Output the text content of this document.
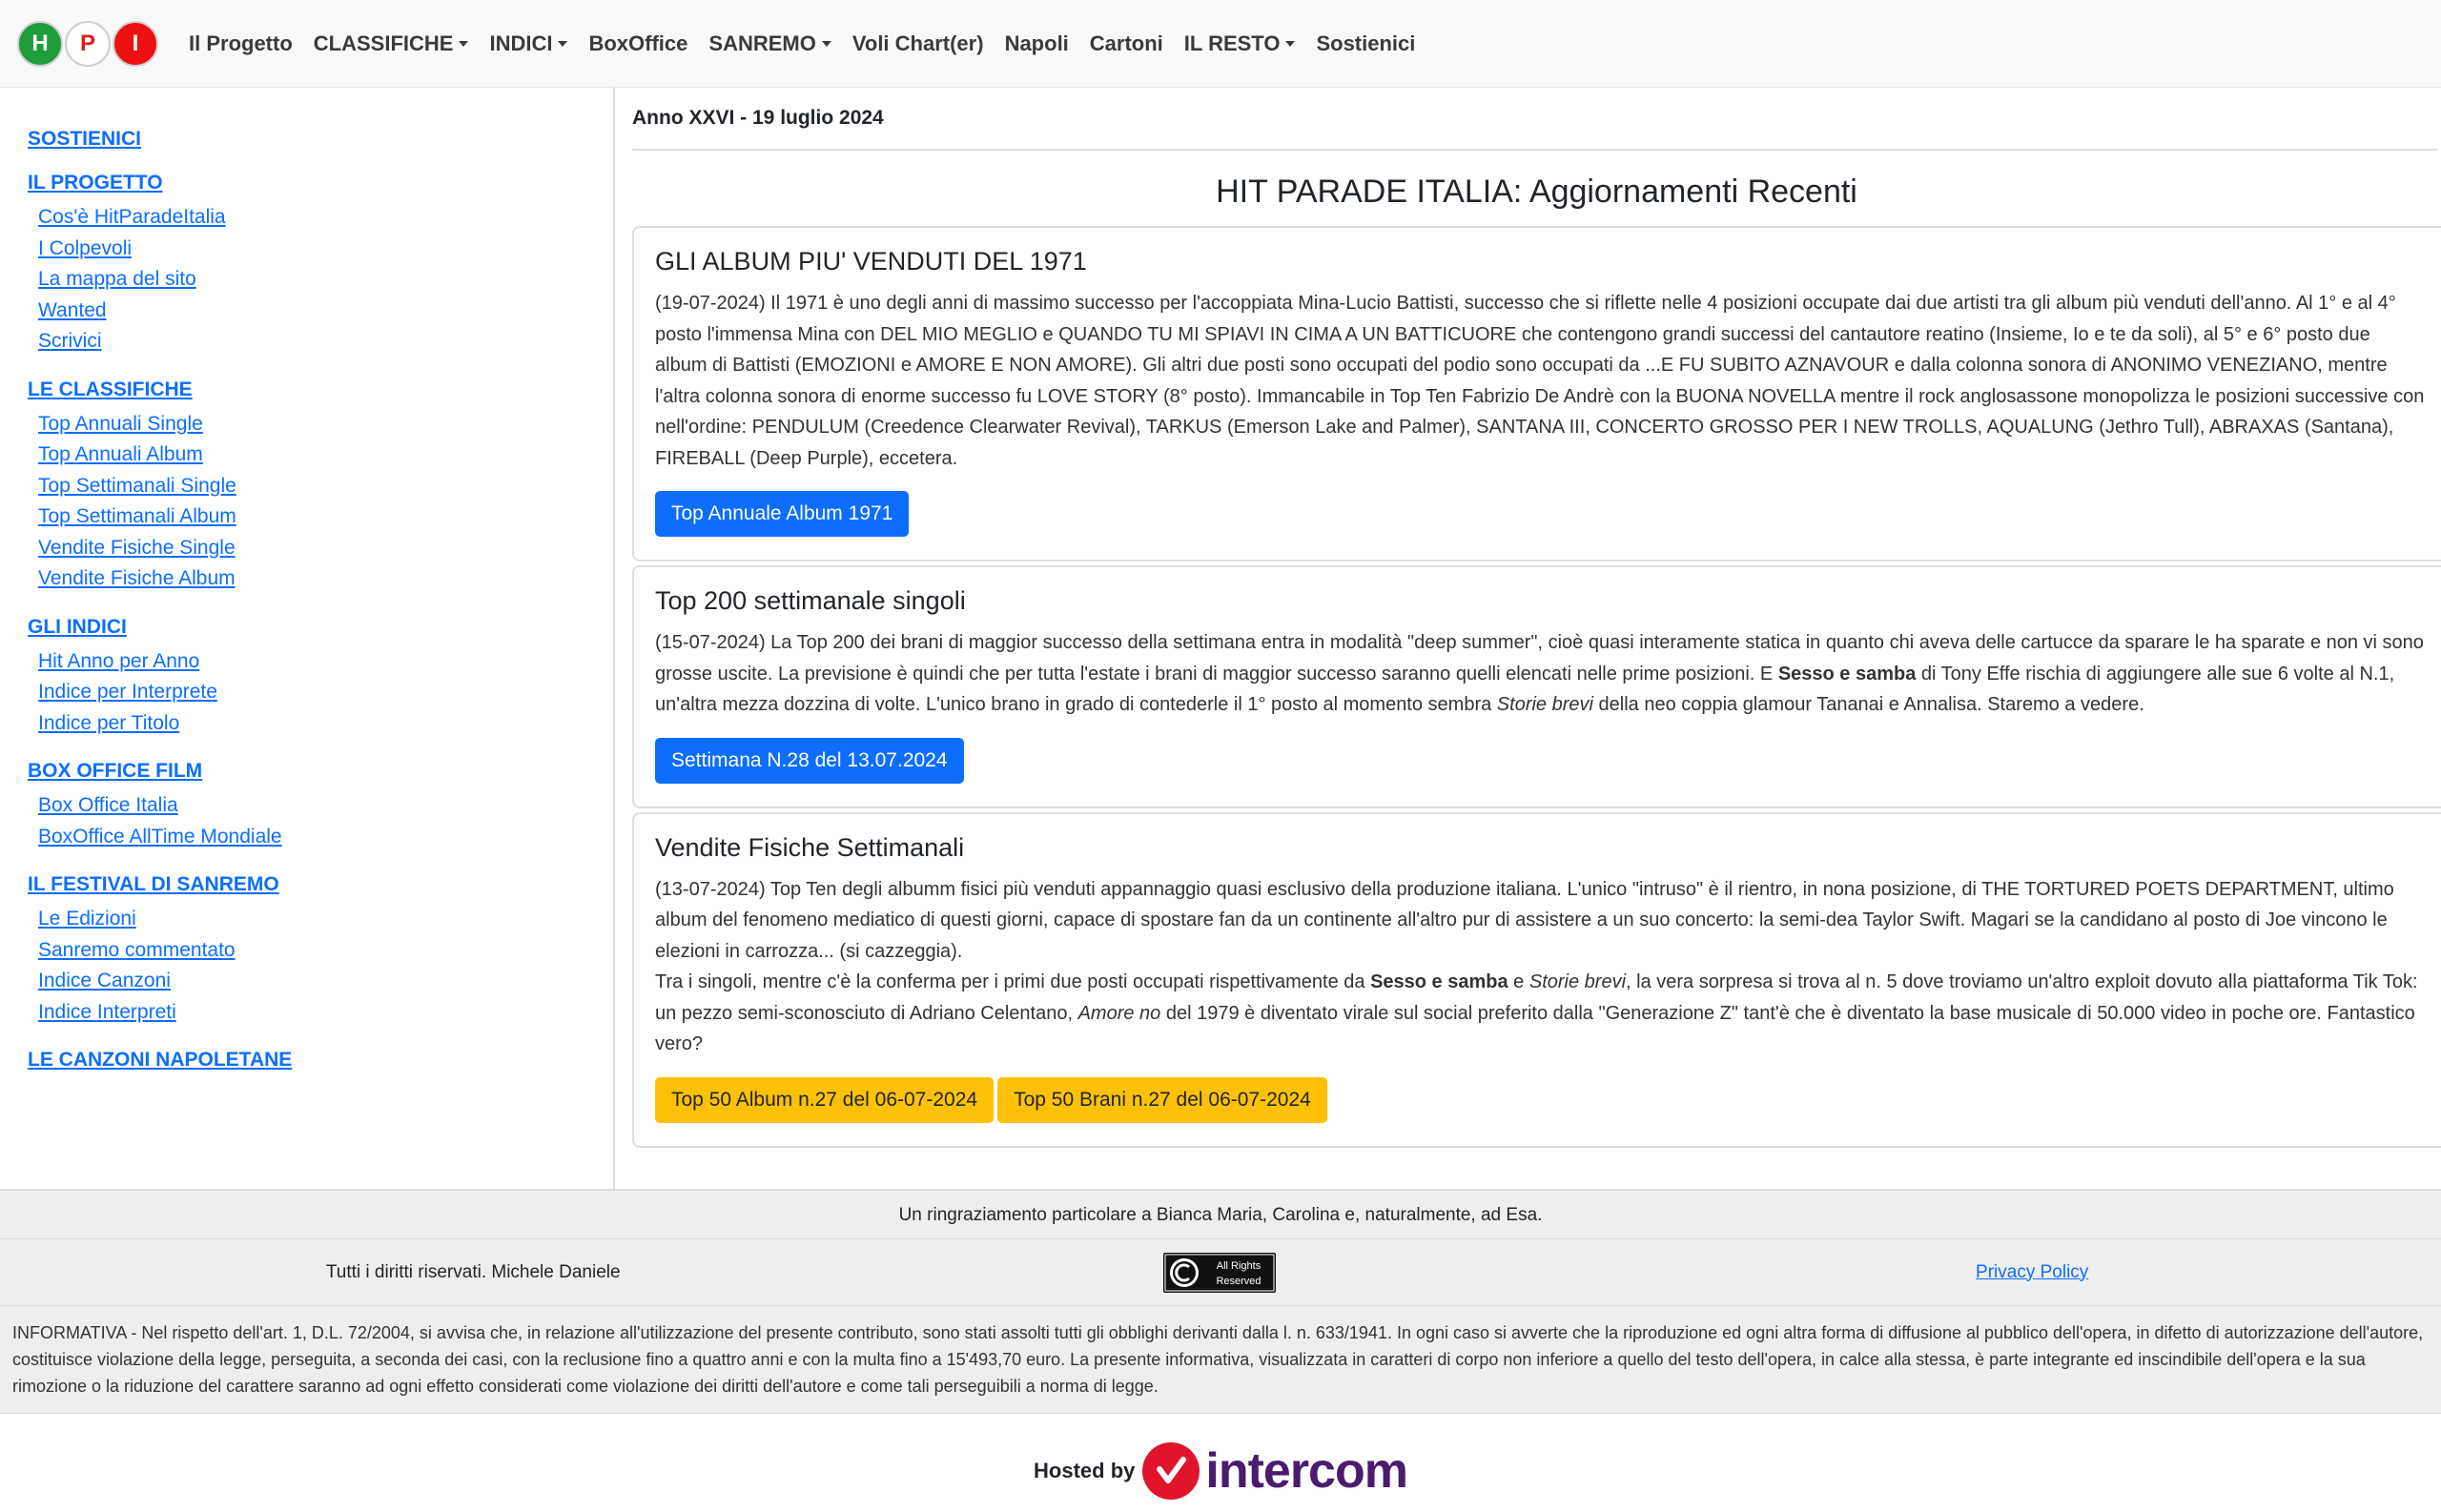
H	P	I	Il Progetto CLASSIFICHE INDICI BoxOffice SANREMO Voli Chart(er) Napoli Cartoni IL RESTO Sostienici
SOSTIENICI
IL PROGETTO
Cos'è HitParadeItalia
I Colpevoli
La mappa del sito
Wanted
Scrivici
LE CLASSIFICHE
Top Annuali Single
Top Annuali Album
Top Settimanali Single
Top Settimanali Album
Vendite Fisiche Single
Vendite Fisiche Album
GLI INDICI
Hit Anno per Anno
Indice per Interprete
Indice per Titolo
BOX OFFICE FILM
Box Office Italia
BoxOffice AllTime Mondiale
IL FESTIVAL DI SANREMO
Le Edizioni
Sanremo commentato
Indice Canzoni
Indice Interpreti
LE CANZONI NAPOLETANE
Anno XXVI - 19 luglio 2024
HIT PARADE ITALIA: Aggiornamenti Recenti
GLI ALBUM PIU' VENDUTI DEL 1971
(19-07-2024) Il 1971 è uno degli anni di massimo successo per l'accoppiata Mina-Lucio Battisti, successo che si riflette nelle 4 posizioni occupate dai due artisti tra gli album più venduti dell'anno. Al 1° e al 4° posto l'immensa Mina con DEL MIO MEGLIO e QUANDO TU MI SPIAVI IN CIMA A UN BATTICUORE che contengono grandi successi del cantautore reatino (Insieme, Io e te da soli), al 5° e 6° posto due album di Battisti (EMOZIONI e AMORE E NON AMORE). Gli altri due posti sono occupati del podio sono occupati da ...E FU SUBITO AZNAVOUR e dalla colonna sonora di ANONIMO VENEZIANO, mentre l'altra colonna sonora di enorme successo fu LOVE STORY (8° posto). Immancabile in Top Ten Fabrizio De Andrè con la BUONA NOVELLA mentre il rock anglosassone monopolizza le posizioni successive con nell'ordine: PENDULUM (Creedence Clearwater Revival), TARKUS (Emerson Lake and Palmer), SANTANA III, CONCERTO GROSSO PER I NEW TROLLS, AQUALUNG (Jethro Tull), ABRAXAS (Santana), FIREBALL (Deep Purple), eccetera.
Top Annuale Album 1971
Top 200 settimanale singoli
(15-07-2024) La Top 200 dei brani di maggior successo della settimana entra in modalità "deep summer", cioè quasi interamente statica in quanto chi aveva delle cartucce da sparare le ha sparate e non vi sono grosse uscite. La previsione è quindi che per tutta l'estate i brani di maggior successo saranno quelli elencati nelle prime posizioni. E Sesso e samba di Tony Effe rischia di aggiungere alle sue 6 volte al N.1, un'altra mezza dozzina di volte. L'unico brano in grado di contederle il 1° posto al momento sembra Storie brevi della neo coppia glamour Tananai e Annalisa. Staremo a vedere.
Settimana N.28 del 13.07.2024
Vendite Fisiche Settimanali
(13-07-2024) Top Ten degli albumm fisici più venduti appannaggio quasi esclusivo della produzione italiana. L'unico "intruso" è il rientro, in nona posizione, di THE TORTURED POETS DEPARTMENT, ultimo album del fenomeno mediatico di questi giorni, capace di spostare fan da un continente all'altro pur di assistere a un suo concerto: la semi-dea Taylor Swift. Magari se la candidano al posto di Joe vincono le elezioni in carrozza... (si cazzeggia).
Tra i singoli, mentre c'è la conferma per i primi due posti occupati rispettivamente da Sesso e samba e Storie brevi, la vera sorpresa si trova al n. 5 dove troviamo un'altro exploit dovuto alla piattaforma Tik Tok: un pezzo semi-sconosciuto di Adriano Celentano, Amore no del 1979 è diventato virale sul social preferito dalla "Generazione Z" tant'è che è diventato la base musicale di 50.000 video in poche ore. Fantastico vero?
Top 50 Album n.27 del 06-07-2024 Top 50 Brani n.27 del 06-07-2024
Un ringraziamento particolare a Bianca Maria, Carolina e, naturalmente, ad Esa.
Tutti i diritti riservati. Michele Daniele	All Rights
Reserved	Privacy Policy
INFORMATIVA - Nel rispetto dell'art. 1, D.L. 72/2004, si avvisa che, in relazione all'utilizzazione del presente contributo, sono stati assolti tutti gli obblighi derivanti dalla l. n. 633/1941. In ogni caso si avverte che la riproduzione ed ogni altra forma di diffusione al pubblico dell'opera, in difetto di autorizzazione dell'autore, costituisce violazione della legge, perseguita, a seconda dei casi, con la reclusione fino a quattro anni e con la multa fino a 15'493,70 euro. La presente informativa, visualizzata in caratteri di corpo non inferiore a quello del testo dell'opera, in calce alla stessa, è parte integrante ed inscindibile dell'opera e la sua rimozione o la riduzione del carattere saranno ad ogni effetto considerati come violazione dei diritti dell'autore e come tali perseguibili a norma di legge.
Hosted by intercom
